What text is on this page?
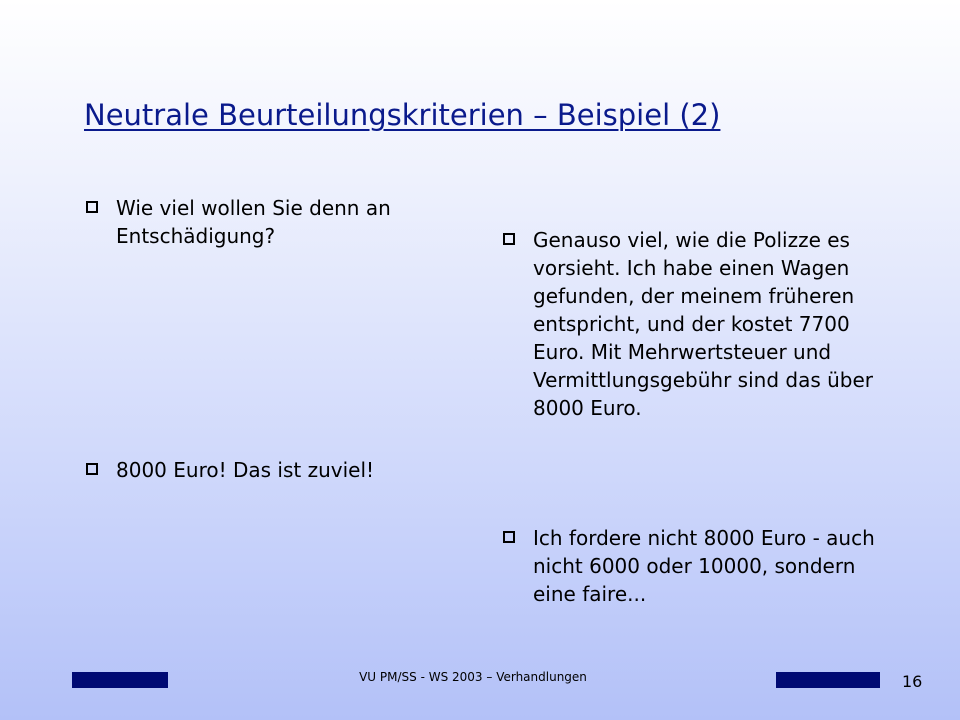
Neutrale Beurteilungskriterien – Beispiel (2)
Wie viel wollen Sie denn an Entschädigung?
8000 Euro! Das ist zuviel!
Genauso viel, wie die Polizze es vorsieht. Ich habe einen Wagen gefunden, der meinem früheren entspricht, und der kostet 7700 Euro. Mit Mehrwertsteuer und Vermittlungsgebühr sind das über 8000 Euro.
Ich fordere nicht 8000 Euro - auch nicht 6000 oder 10000, sondern eine faire...
VU PM/SS - WS 2003 – Verhandlungen	16
